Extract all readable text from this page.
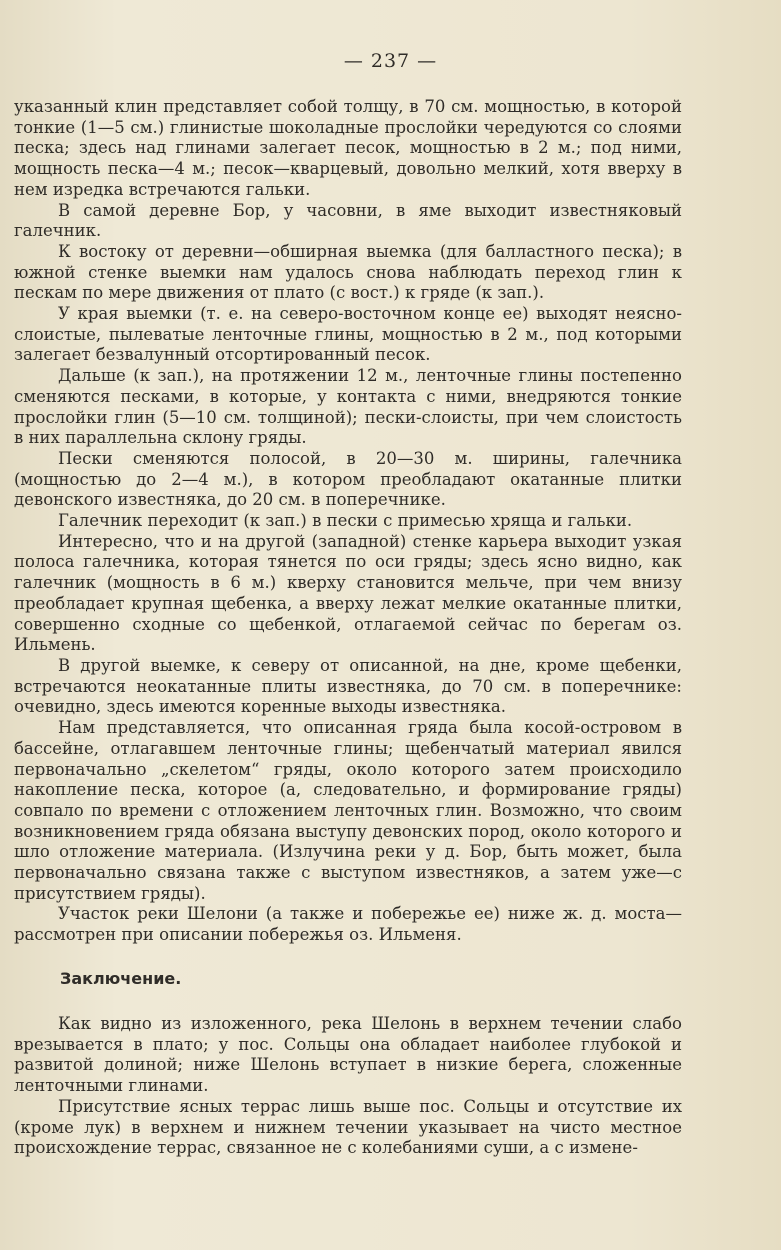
— 237 —

указанный клин представляет собой толщу, в 70 см. мощностью, в которой тонкие (1—5 см.) глинистые шоколадные прослойки чередуются со слоями песка; здесь над глинами залегает песок, мощностью в 2 м.; под ними, мощность песка—4 м.; песок—кварцевый, довольно мелкий, хотя вверху в нем изредка встречаются гальки.

В самой деревне Бор, у часовни, в яме выходит известняковый галечник.

К востоку от деревни—обширная выемка (для балластного песка); в южной стенке выемки нам удалось снова наблюдать переход глин к пескам по мере движения от плато (с вост.) к гряде (к зап.).

У края выемки (т. е. на северо-восточном конце ее) выходят неясно-слоистые, пылеватые ленточные глины, мощностью в 2 м., под которыми залегает безвалунный отсортированный песок.

Дальше (к зап.), на протяжении 12 м., ленточные глины постепенно сменяются песками, в которые, у контакта с ними, внедряются тонкие прослойки глин (5—10 см. толщиной); пески-слоисты, при чем слоистость в них параллельна склону гряды.

Пески сменяются полосой, в 20—30 м. ширины, галечника (мощностью до 2—4 м.), в котором преобладают окатанные плитки девонского известняка, до 20 см. в поперечнике.

Галечник переходит (к зап.) в пески с примесью хряща и гальки.

Интересно, что и на другой (западной) стенке карьера выходит узкая полоса галечника, которая тянется по оси гряды; здесь ясно видно, как галечник (мощность в 6 м.) кверху становится мельче, при чем внизу преобладает крупная щебенка, а вверху лежат мелкие окатанные плитки, совершенно сходные со щебенкой, отлагаемой сейчас по берегам оз. Ильмень.

В другой выемке, к северу от описанной, на дне, кроме щебенки, встречаются неокатанные плиты известняка, до 70 см. в поперечнике: очевидно, здесь имеются коренные выходы известняка.

Нам представляется, что описанная гряда была косой-островом в бассейне, отлагавшем ленточные глины; щебенчатый материал явился первоначально „скелетом“ гряды, около которого затем происходило накопление песка, которое (а, следовательно, и формирование гряды) совпало по времени с отложением ленточных глин. Возможно, что своим возникновением гряда обязана выступу девонских пород, около которого и шло отложение материала. (Излучина реки у д. Бор, быть может, была первоначально связана также с выступом известняков, а затем уже—с присутствием гряды).

Участок реки Шелони (а также и побережье ее) ниже ж. д. моста—рассмотрен при описании побережья оз. Ильменя.

Заключение.

Как видно из изложенного, река Шелонь в верхнем течении слабо врезывается в плато; у пос. Сольцы она обладает наиболее глубокой и развитой долиной; ниже Шелонь вступает в низкие берега, сложенные ленточными глинами.

Присутствие ясных террас лишь выше пос. Сольцы и отсутствие их (кроме лук) в верхнем и нижнем течении указывает на чисто местное происхождение террас, связанное не с колебаниями суши, а с измене-
